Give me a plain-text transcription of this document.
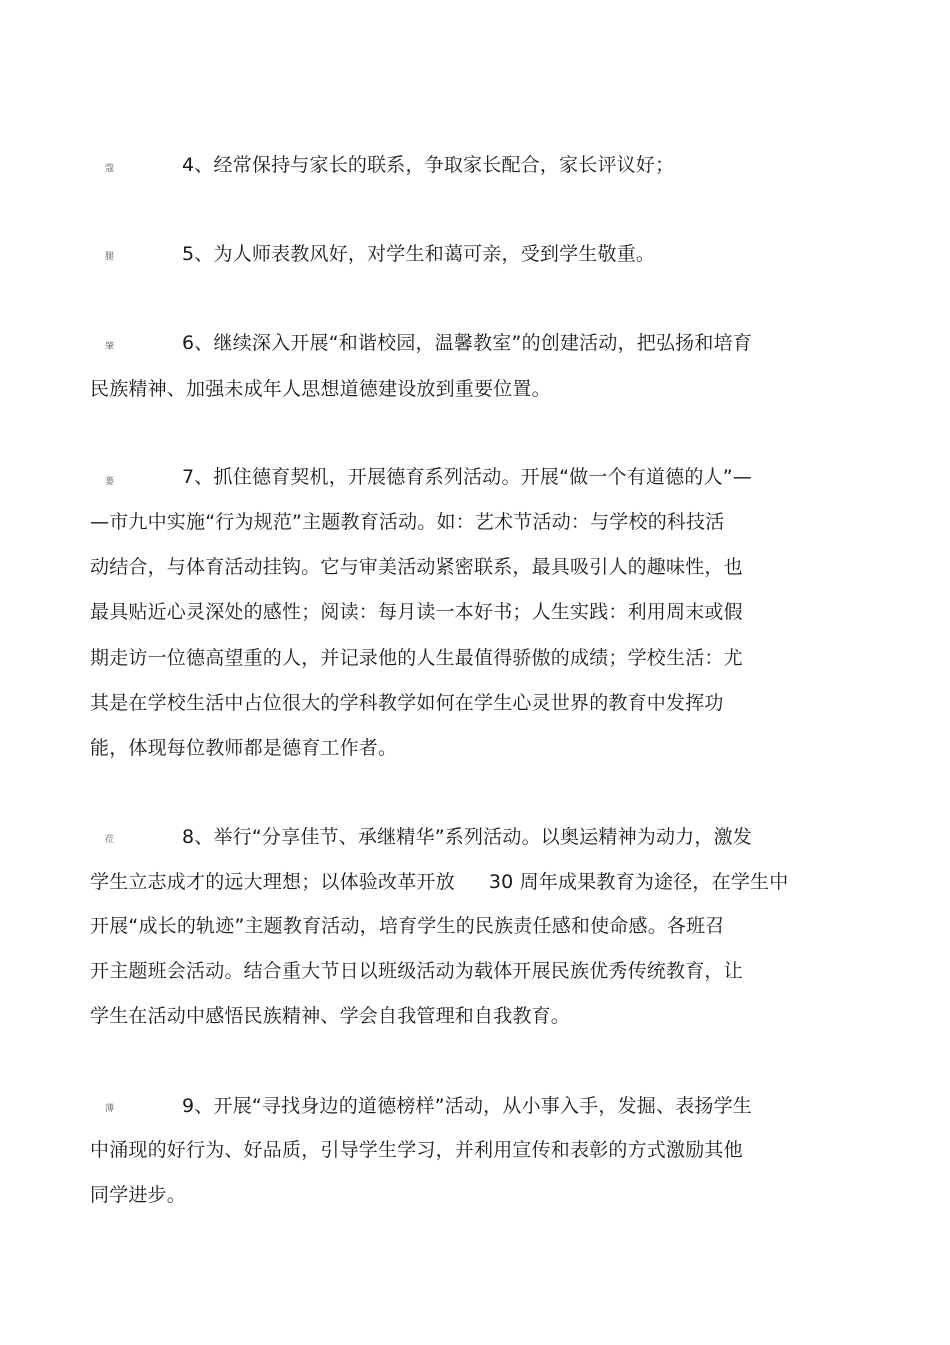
蔻	4、经常保持与家长的联系，争取家长配合，家长评议好；
腿	5、为人师表教风好，对学生和蔼可亲，受到学生敬重。
肇	6、继续深入开展“和谐校园，温馨教室”的创建活动，把弘扬和培育
民族精神、加强未成年人思想道德建设放到重要位置。
蒌	7、抓住德育契机，开展德育系列活动。开展“做一个有道德的人”—
—市九中实施“行为规范”主题教育活动。如：艺术节活动：与学校的科技活
动结合，与体育活动挂钩。它与审美活动紧密联系，最具吸引人的趣味性，也
最具贴近心灵深处的感性；阅读：每月读一本好书；人生实践：利用周末或假
期走访一位德高望重的人，并记录他的人生最值得骄傲的成绩；学校生活：尤
其是在学校生活中占位很大的学科教学如何在学生心灵世界的教育中发挥功
能，体现每位教师都是德育工作者。
莅	8、举行“分享佳节、承继精华”系列活动。以奥运精神为动力，激发
学生立志成才的远大理想；以体验改革开放 30 周年成果教育为途径，在学生中
开展“成长的轨迹”主题教育活动，培育学生的民族责任感和使命感。各班召
开主题班会活动。结合重大节日以班级活动为载体开展民族优秀传统教育，让
学生在活动中感悟民族精神、学会自我管理和自我教育。
薄	9、开展“寻找身边的道德榜样”活动，从小事入手，发掘、表扬学生
中涌现的好行为、好品质，引导学生学习，并利用宣传和表彰的方式激励其他
同学进步。
